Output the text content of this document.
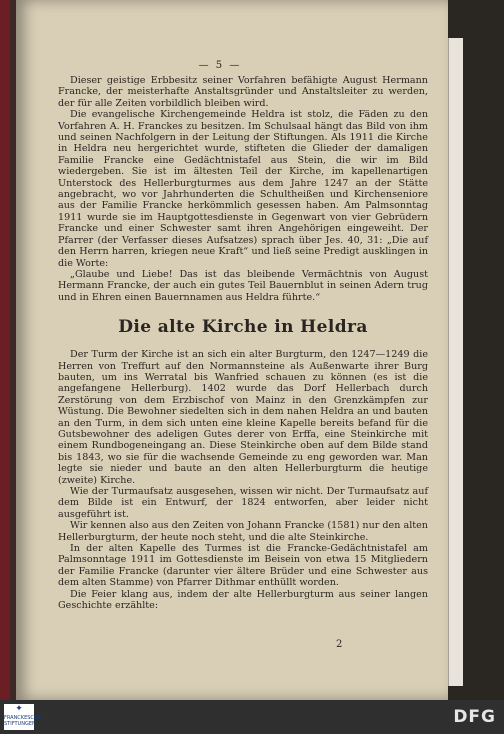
— 5 —

Dieser geistige Erbbesitz seiner Vorfahren befähigte August Hermann Francke, der meisterhafte Anstaltsgründer und Anstaltsleiter zu werden, der für alle Zeiten vorbildlich bleiben wird.

Die evangelische Kirchengemeinde Heldra ist stolz, die Fäden zu den Vorfahren A. H. Franckes zu besitzen. Im Schulsaal hängt das Bild von ihm und seinen Nachfolgern in der Leitung der Stiftungen. Als 1911 die Kirche in Heldra neu hergerichtet wurde, stifteten die Glieder der damaligen Familie Francke eine Gedächtnistafel aus Stein, die wir im Bild wiedergeben. Sie ist im ältesten Teil der Kirche, im kapellenartigen Unterstock des Hellerburgturmes aus dem Jahre 1247 an der Stätte angebracht, wo vor Jahrhunderten die Schultheißen und Kirchenseniore aus der Familie Francke herkömmlich gesessen haben. Am Palmsonntag 1911 wurde sie im Hauptgottesdienste in Gegenwart von vier Gebrüdern Francke und einer Schwester samt ihren Angehörigen eingeweiht. Der Pfarrer (der Verfasser dieses Aufsatzes) sprach über Jes. 40, 31: „Die auf den Herrn harren, kriegen neue Kraft“ und ließ seine Predigt ausklingen in die Worte:

„Glaube und Liebe! Das ist das bleibende Vermächtnis von August Hermann Francke, der auch ein gutes Teil Bauernblut in seinen Adern trug und in Ehren einen Bauernnamen aus Heldra führte.“

Die alte Kirche in Heldra

Der Turm der Kirche ist an sich ein alter Burgturm, den 1247—1249 die Herren von Treffurt auf den Normannsteine als Außenwarte ihrer Burg bauten, um ins Werratal bis Wanfried schauen zu können (es ist die angefangene Hellerburg). 1402 wurde das Dorf Hellerbach durch Zerstörung von dem Erzbischof von Mainz in den Grenzkämpfen zur Wüstung. Die Bewohner siedelten sich in dem nahen Heldra an und bauten an den Turm, in dem sich unten eine kleine Kapelle bereits befand für die Gutsbewohner des adeligen Gutes derer von Erffa, eine Steinkirche mit einem Rundbogeneingang an. Diese Steinkirche oben auf dem Bilde stand bis 1843, wo sie für die wachsende Gemeinde zu eng geworden war. Man legte sie nieder und baute an den alten Hellerburgturm die heutige (zweite) Kirche.

Wie der Turmaufsatz ausgesehen, wissen wir nicht. Der Turmaufsatz auf dem Bilde ist ein Entwurf, der 1824 entworfen, aber leider nicht ausgeführt ist.

Wir kennen also aus den Zeiten von Johann Francke (1581) nur den alten Hellerburgturm, der heute noch steht, und die alte Steinkirche.

In der alten Kapelle des Turmes ist die Francke-Gedächtnistafel am Palmsonntage 1911 im Gottesdienste im Beisein von etwa 15 Mitgliedern der Familie Francke (darunter vier ältere Brüder und eine Schwester aus dem alten Stamme) von Pfarrer Dithmar enthüllt worden.

Die Feier klang aus, indem der alte Hellerburgturm aus seiner langen Geschichte erzählte:

2
✦
FRANCKESCHE STIFTUNGEN	DFG
